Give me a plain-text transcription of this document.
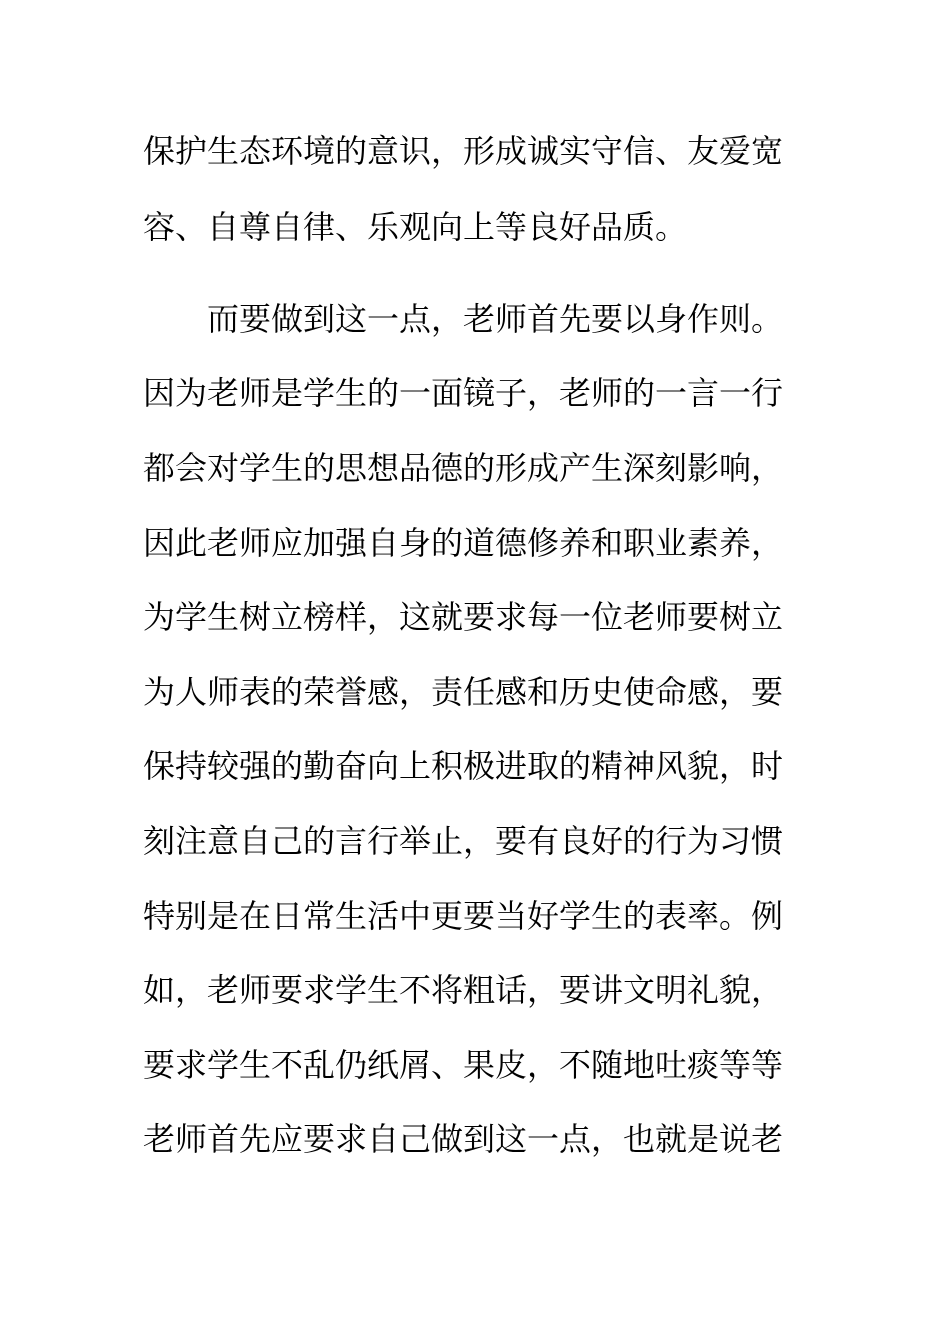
保护生态环境的意识，形成诚实守信、友爱宽
容、自尊自律、乐观向上等良好品质。
　　而要做到这一点，老师首先要以身作则。
因为老师是学生的一面镜子，老师的一言一行
都会对学生的思想品德的形成产生深刻影响，
因此老师应加强自身的道德修养和职业素养，
为学生树立榜样，这就要求每一位老师要树立
为人师表的荣誉感，责任感和历史使命感，要
保持较强的勤奋向上积极进取的精神风貌，时
刻注意自己的言行举止，要有良好的行为习惯
特别是在日常生活中更要当好学生的表率。例
如，老师要求学生不将粗话，要讲文明礼貌，
要求学生不乱仍纸屑、果皮，不随地吐痰等等
老师首先应要求自己做到这一点，也就是说老
